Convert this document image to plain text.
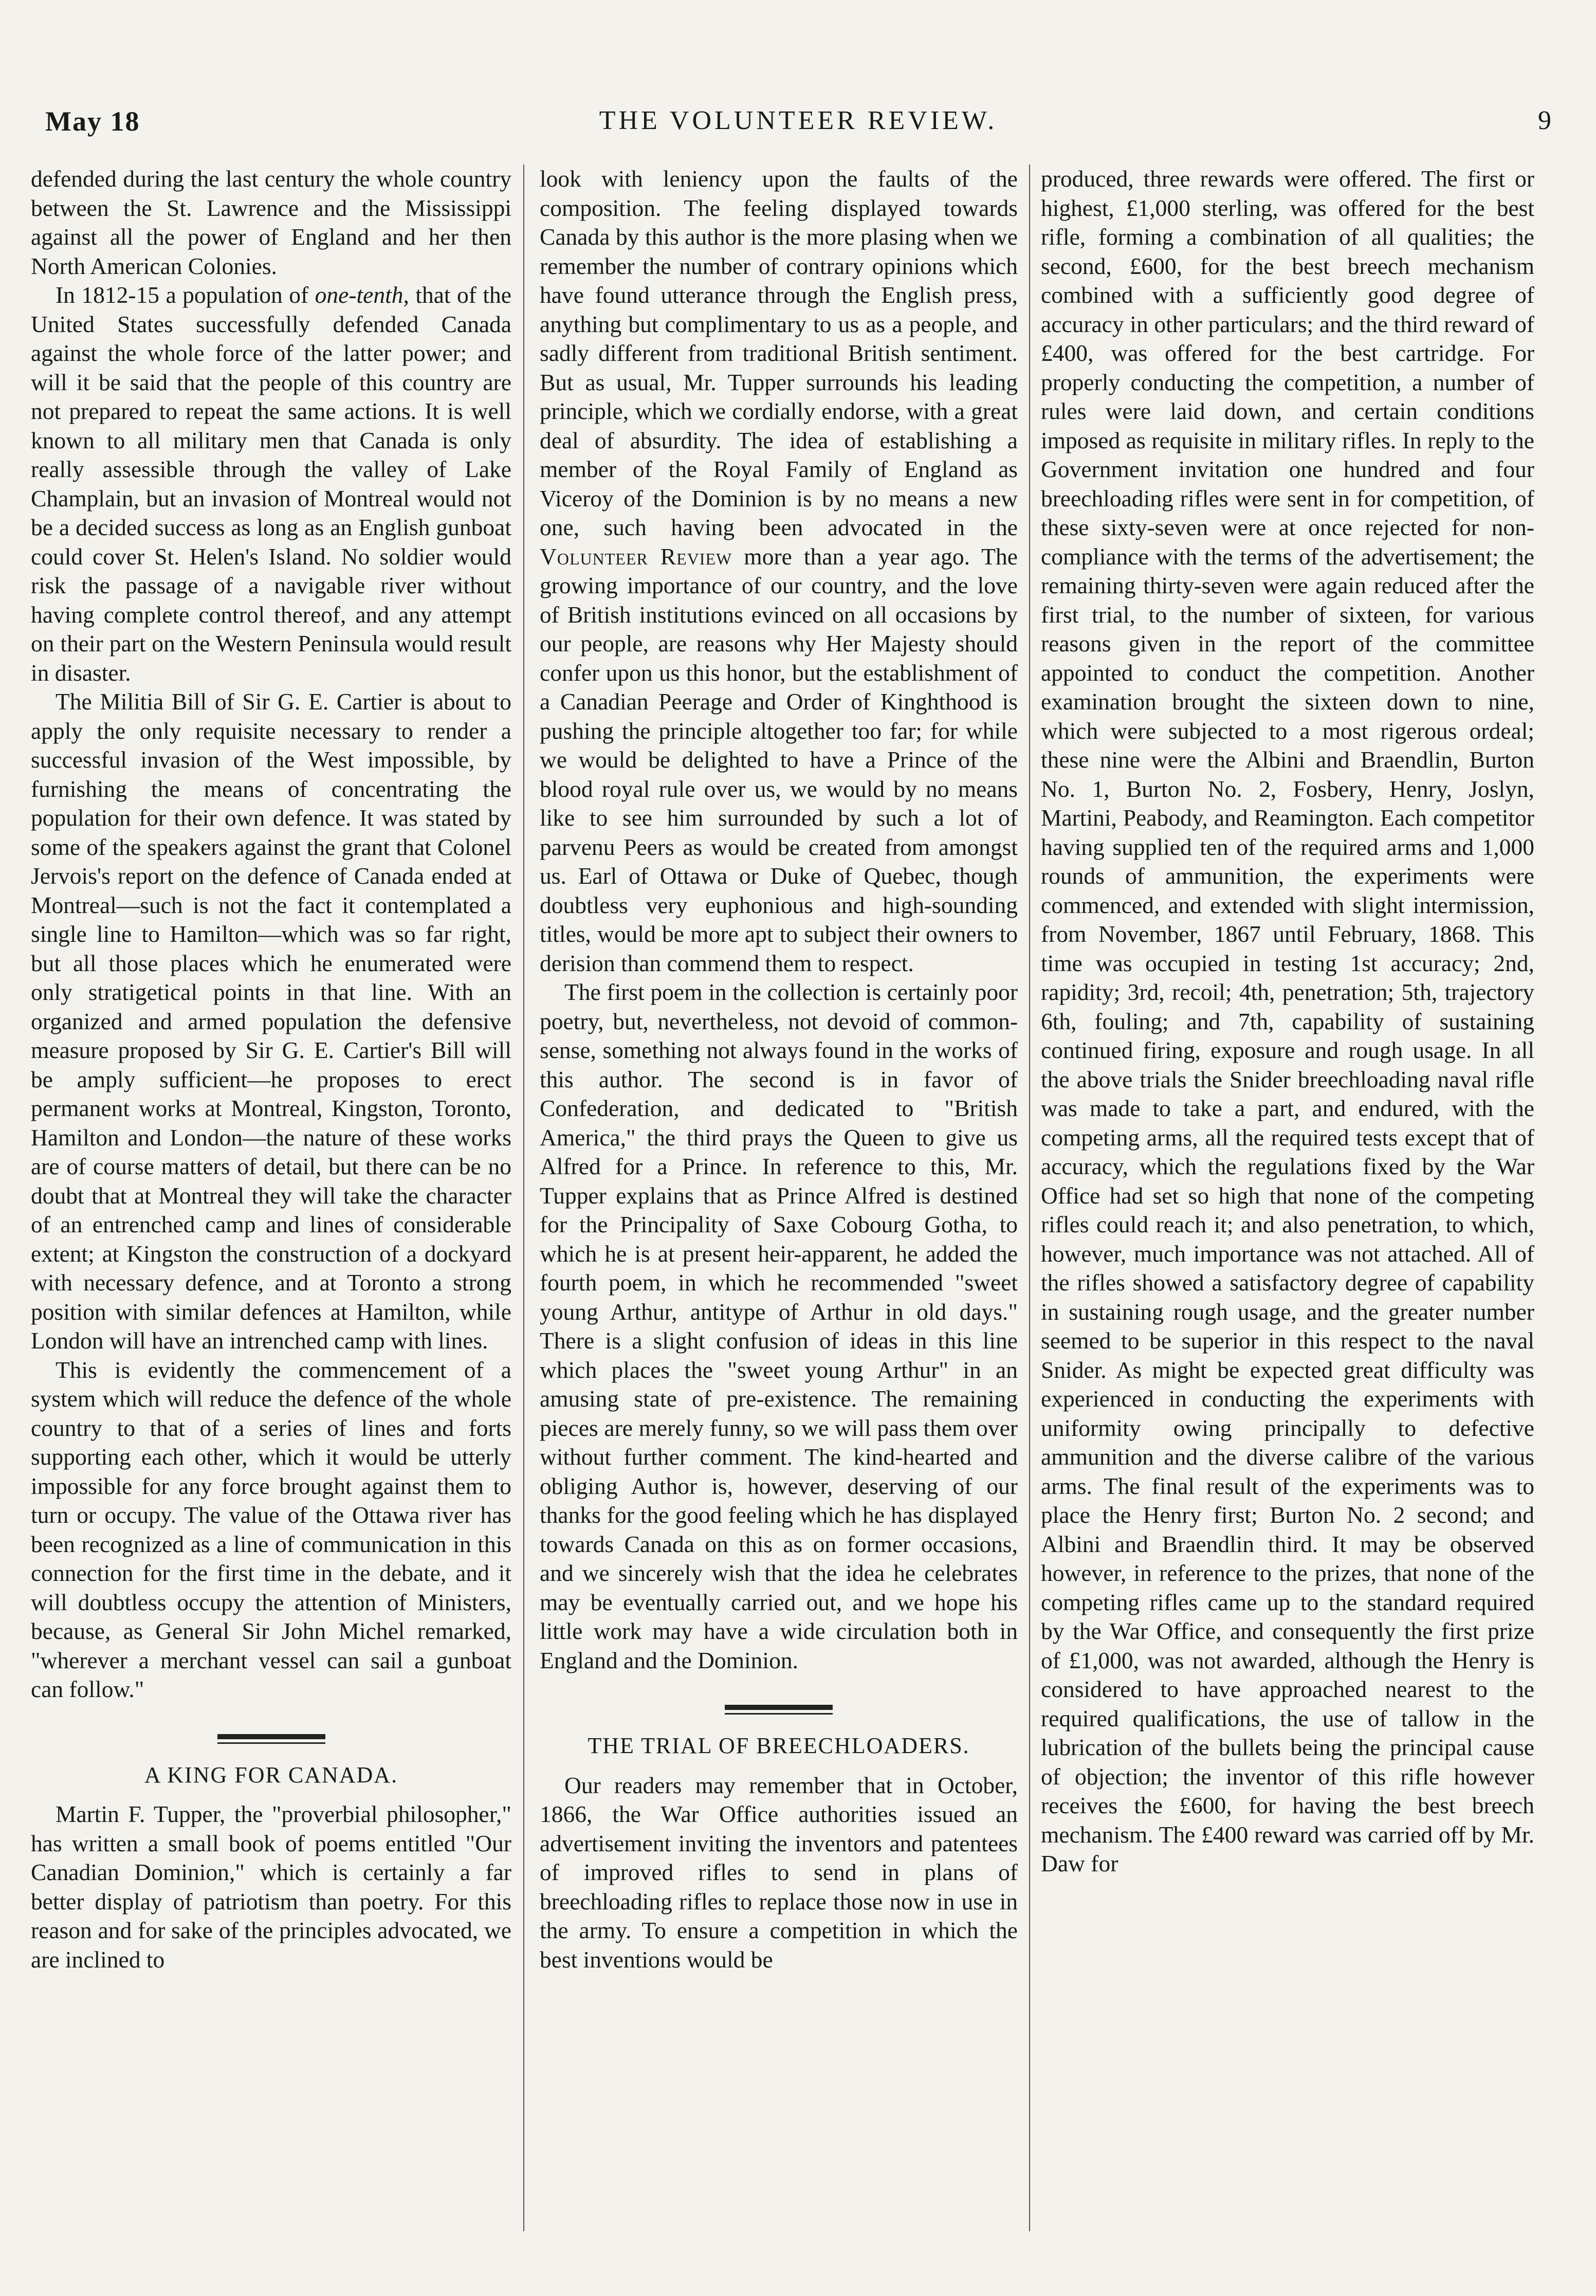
THE VOLUNTEER REVIEW.
May 18	9

defended during the last century the whole country between the St. Lawrence and the Mississippi against all the power of England and her then North American Colonies.

In 1812-15 a population of one-tenth, that of the United States successfully defended Canada against the whole force of the latter power; and will it be said that the people of this country are not prepared to repeat the same actions. It is well known to all military men that Canada is only really assessible through the valley of Lake Champlain, but an invasion of Montreal would not be a decided success as long as an English gunboat could cover St. Helen's Island. No soldier would risk the passage of a navigable river without having complete control thereof, and any attempt on their part on the Western Peninsula would result in disaster.

The Militia Bill of Sir G. E. Cartier is about to apply the only requisite necessary to render a successful invasion of the West impossible, by furnishing the means of concentrating the population for their own defence. It was stated by some of the speakers against the grant that Colonel Jervois's report on the defence of Canada ended at Montreal—such is not the fact it contemplated a single line to Hamilton—which was so far right, but all those places which he enumerated were only stratigetical points in that line. With an organized and armed population the defensive measure proposed by Sir G. E. Cartier's Bill will be amply sufficient—he proposes to erect permanent works at Montreal, Kingston, Toronto, Hamilton and London—the nature of these works are of course matters of detail, but there can be no doubt that at Montreal they will take the character of an entrenched camp and lines of considerable extent; at Kingston the construction of a dockyard with necessary defence, and at Toronto a strong position with similar defences at Hamilton, while London will have an intrenched camp with lines.

This is evidently the commencement of a system which will reduce the defence of the whole country to that of a series of lines and forts supporting each other, which it would be utterly impossible for any force brought against them to turn or occupy. The value of the Ottawa river has been recognized as a line of communication in this connection for the first time in the debate, and it will doubtless occupy the attention of Ministers, because, as General Sir John Michel remarked, "wherever a merchant vessel can sail a gunboat can follow."

A KING FOR CANADA.

Martin F. Tupper, the "proverbial philosopher," has written a small book of poems entitled "Our Canadian Dominion," which is certainly a far better display of patriotism than poetry. For this reason and for sake of the principles advocated, we are inclined to

look with leniency upon the faults of the composition. The feeling displayed towards Canada by this author is the more plasing when we remember the number of contrary opinions which have found utterance through the English press, anything but complimentary to us as a people, and sadly different from traditional British sentiment. But as usual, Mr. Tupper surrounds his leading principle, which we cordially endorse, with a great deal of absurdity. The idea of establishing a member of the Royal Family of England as Viceroy of the Dominion is by no means a new one, such having been advocated in the Volunteer Review more than a year ago. The growing importance of our country, and the love of British institutions evinced on all occasions by our people, are reasons why Her Majesty should confer upon us this honor, but the establishment of a Canadian Peerage and Order of Kinghthood is pushing the principle altogether too far; for while we would be delighted to have a Prince of the blood royal rule over us, we would by no means like to see him surrounded by such a lot of parvenu Peers as would be created from amongst us. Earl of Ottawa or Duke of Quebec, though doubtless very euphonious and high-sounding titles, would be more apt to subject their owners to derision than commend them to respect.

The first poem in the collection is certainly poor poetry, but, nevertheless, not devoid of common-sense, something not always found in the works of this author. The second is in favor of Confederation, and dedicated to "British America," the third prays the Queen to give us Alfred for a Prince. In reference to this, Mr. Tupper explains that as Prince Alfred is destined for the Principality of Saxe Cobourg Gotha, to which he is at present heir-apparent, he added the fourth poem, in which he recommended "sweet young Arthur, antitype of Arthur in old days." There is a slight confusion of ideas in this line which places the "sweet young Arthur" in an amusing state of pre-existence. The remaining pieces are merely funny, so we will pass them over without further comment. The kind-hearted and obliging Author is, however, deserving of our thanks for the good feeling which he has displayed towards Canada on this as on former occasions, and we sincerely wish that the idea he celebrates may be eventually carried out, and we hope his little work may have a wide circulation both in England and the Dominion.

THE TRIAL OF BREECHLOADERS.

Our readers may remember that in October, 1866, the War Office authorities issued an advertisement inviting the inventors and patentees of improved rifles to send in plans of breechloading rifles to replace those now in use in the army. To ensure a competition in which the best inventions would be

produced, three rewards were offered. The first or highest, £1,000 sterling, was offered for the best rifle, forming a combination of all qualities; the second, £600, for the best breech mechanism combined with a sufficiently good degree of accuracy in other particulars; and the third reward of £400, was offered for the best cartridge. For properly conducting the competition, a number of rules were laid down, and certain conditions imposed as requisite in military rifles. In reply to the Government invitation one hundred and four breechloading rifles were sent in for competition, of these sixty-seven were at once rejected for non-compliance with the terms of the advertisement; the remaining thirty-seven were again reduced after the first trial, to the number of sixteen, for various reasons given in the report of the committee appointed to conduct the competition. Another examination brought the sixteen down to nine, which were subjected to a most rigerous ordeal; these nine were the Albini and Braendlin, Burton No. 1, Burton No. 2, Fosbery, Henry, Joslyn, Martini, Peabody, and Reamington. Each competitor having supplied ten of the required arms and 1,000 rounds of ammunition, the experiments were commenced, and extended with slight intermission, from November, 1867 until February, 1868. This time was occupied in testing 1st accuracy; 2nd, rapidity; 3rd, recoil; 4th, penetration; 5th, trajectory 6th, fouling; and 7th, capability of sustaining continued firing, exposure and rough usage. In all the above trials the Snider breechloading naval rifle was made to take a part, and endured, with the competing arms, all the required tests except that of accuracy, which the regulations fixed by the War Office had set so high that none of the competing rifles could reach it; and also penetration, to which, however, much importance was not attached. All of the rifles showed a satisfactory degree of capability in sustaining rough usage, and the greater number seemed to be superior in this respect to the naval Snider. As might be expected great difficulty was experienced in conducting the experiments with uniformity owing principally to defective ammunition and the diverse calibre of the various arms. The final result of the experiments was to place the Henry first; Burton No. 2 second; and Albini and Braendlin third. It may be observed however, in reference to the prizes, that none of the competing rifles came up to the standard required by the War Office, and consequently the first prize of £1,000, was not awarded, although the Henry is considered to have approached nearest to the required qualifications, the use of tallow in the lubrication of the bullets being the principal cause of objection; the inventor of this rifle however receives the £600, for having the best breech mechanism. The £400 reward was carried off by Mr. Daw for
